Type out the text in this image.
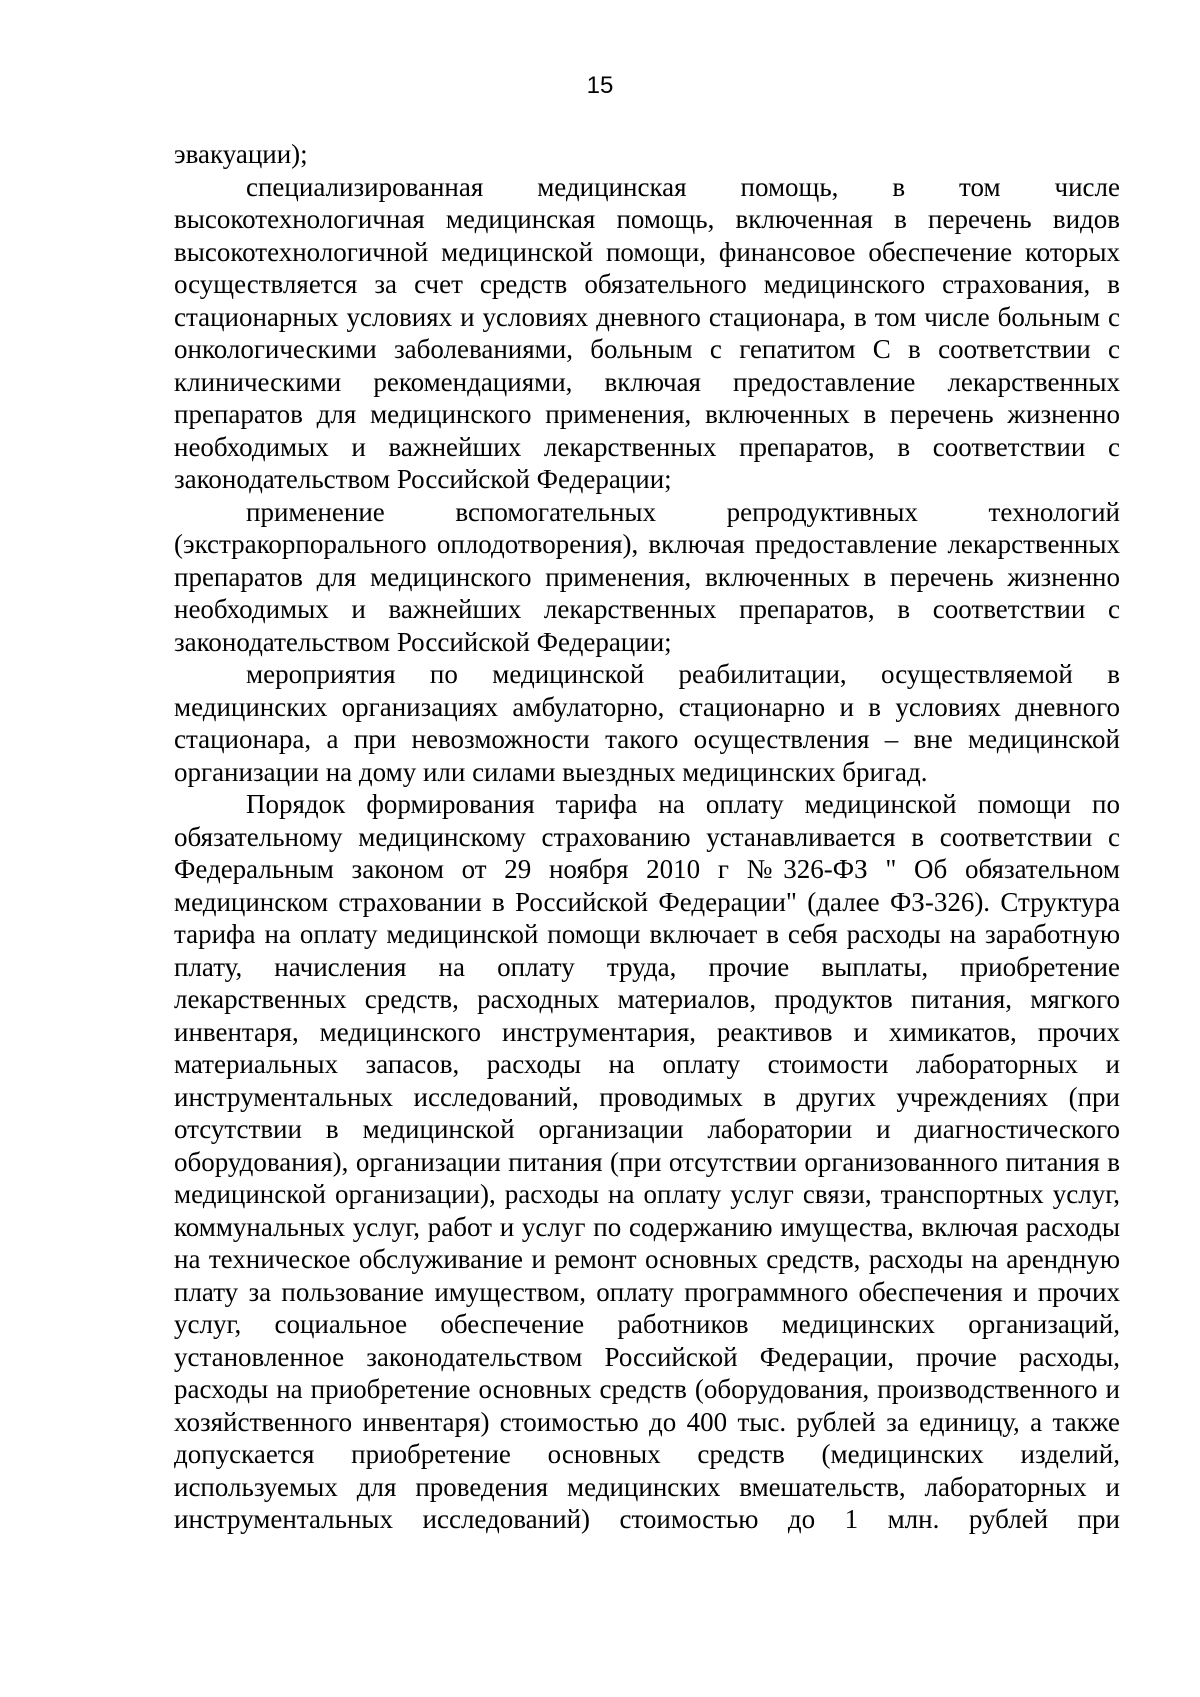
15

эвакуации);

специализированная медицинская помощь, в том числе высокотехнологичная медицинская помощь, включенная в перечень видов высокотехнологичной медицинской помощи, финансовое обеспечение которых осуществляется за счет средств обязательного медицинского страхования, в стационарных условиях и условиях дневного стационара, в том числе больным с онкологическими заболеваниями, больным с гепатитом С в соответствии с клиническими рекомендациями, включая предоставление лекарственных препаратов для медицинского применения, включенных в перечень жизненно необходимых и важнейших лекарственных препаратов, в соответствии с законодательством Российской Федерации;

применение вспомогательных репродуктивных технологий (экстракорпорального оплодотворения), включая предоставление лекарственных препаратов для медицинского применения, включенных в перечень жизненно необходимых и важнейших лекарственных препаратов, в соответствии с законодательством Российской Федерации;

мероприятия по медицинской реабилитации, осуществляемой в медицинских организациях амбулаторно, стационарно и в условиях дневного стационара, а при невозможности такого осуществления – вне медицинской организации на дому или силами выездных медицинских бригад.

Порядок формирования тарифа на оплату медицинской помощи по обязательному медицинскому страхованию устанавливается в соответствии с Федеральным законом от 29 ноября 2010 г №326-ФЗ " Об обязательном медицинском страховании в Российской Федерации" (далее ФЗ-326). Структура тарифа на оплату медицинской помощи включает в себя расходы на заработную плату, начисления на оплату труда, прочие выплаты, приобретение лекарственных средств, расходных материалов, продуктов питания, мягкого инвентаря, медицинского инструментария, реактивов и химикатов, прочих материальных запасов, расходы на оплату стоимости лабораторных и инструментальных исследований, проводимых в других учреждениях (при отсутствии в медицинской организации лаборатории и диагностического оборудования), организации питания (при отсутствии организованного питания в медицинской организации), расходы на оплату услуг связи, транспортных услуг, коммунальных услуг, работ и услуг по содержанию имущества, включая расходы на техническое обслуживание и ремонт основных средств, расходы на арендную плату за пользование имуществом, оплату программного обеспечения и прочих услуг, социальное обеспечение работников медицинских организаций, установленное законодательством Российской Федерации, прочие расходы, расходы на приобретение основных средств (оборудования, производственного и хозяйственного инвентаря) стоимостью до 400 тыс. рублей за единицу, а также допускается приобретение основных средств (медицинских изделий, используемых для проведения медицинских вмешательств, лабораторных и инструментальных исследований) стоимостью до 1 млн. рублей при
